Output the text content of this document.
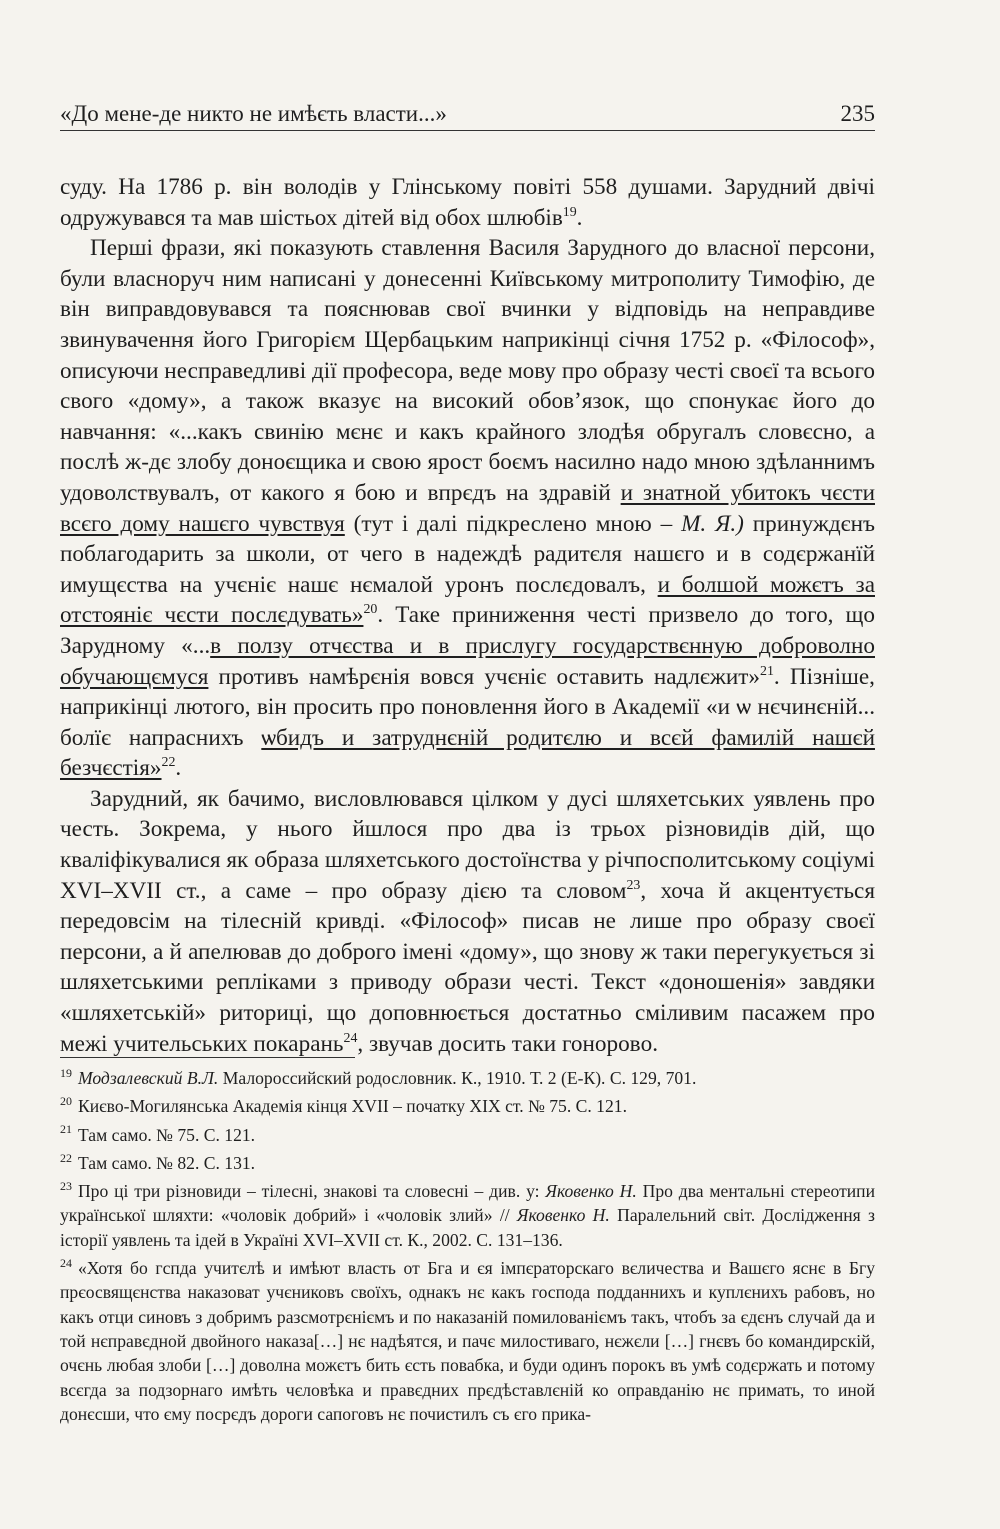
«До мене-де никто не имѣєть власти...»	235

суду. На 1786 р. він володів у Глінському повіті 558 душами. Зарудний двічі одружувався та мав шістьох дітей від обох шлюбів$^{19}$.

Перші фрази, які показують ставлення Василя Зарудного до власної персони, були власноруч ним написані у донесенні Київському митрополиту Тимофію, де він виправдовувався та пояснював свої вчинки у відповідь на неправдиве звинувачення його Григорієм Щербацьким наприкінці січня 1752 р. «Філософ», описуючи несправедливі дії професора, веде мову про образу честі своєї та всього свого «дому», а також вказує на високий обов’язок, що спонукає його до навчання: «...какъ свинію мєнє и какъ крайного злодѣя обругалъ словєсно, а послѣ ж-дє злобу доноєщика и свою ярост боємъ насилно надо мною здѣланнимъ удоволствувалъ, от какого я бою и впрєдъ на здравій и знатной убитокъ чєсти всєго дому нашєго чувствуя (тут і далі підкреслено мною – М. Я.) принуждєнъ поблагодарить за школи, от чего в надеждѣ радитєля нашєго и в содєржанїй имущєства на учєніє нашє нємалой уронъ послєдовалъ, и болшой можєтъ за отстояніє чєсти послєдувать»$^{20}$. Таке приниження честі призвело до того, що Зарудному «...в ползу отчєства и в прислугу государствєнную доброволно обучающємуся противъ намѣрєнія вовся учєніє оставить надлєжит»$^{21}$. Пізніше, наприкінці лютого, він просить про поновлення його в Академії «и ѡ нєчинєній... болїє напраснихъ ѡбидъ и затруднєній родитєлю и всєй фамилій нашєй безчєстія»$^{22}$.

Зарудний, як бачимо, висловлювався цілком у дусі шляхетських уявлень про честь. Зокрема, у нього йшлося про два із трьох різновидів дій, що кваліфікувалися як образа шляхетського достоїнства у річпосполитському соціумі XVI–XVII ст., а саме – про образу дією та словом$^{23}$, хоча й акцентується передовсім на тілесній кривді. «Філософ» писав не лише про образу своєї персони, а й апелював до доброго імені «дому», що знову ж таки перегукується зі шляхетськими репліками з приводу образи честі. Текст «доношенія» завдяки «шляхетській» риториці, що доповнюється достатньо сміливим пасажем про межі учительських покарань$^{24}$, звучав досить таки гоноровo.

$^{19}$ Модзалевский В.Л. Малороссийский родословник. К., 1910. Т. 2 (Е-К). С. 129, 701.

$^{20}$ Києво-Могилянська Академія кінця XVII – початку XIX ст. № 75. С. 121.

$^{21}$ Там само. № 75. С. 121.

$^{22}$ Там само. № 82. С. 131.

$^{23}$ Про ці три різновиди – тілесні, знакові та словесні – див. у: Яковенко Н. Про два ментальні стереотипи української шляхти: «чоловік добрий» і «чоловік злий» // Яковенко Н. Паралельний світ. Дослідження з історії уявлень та ідей в Україні XVI–XVII ст. К., 2002. С. 131–136.

$^{24}$ «Хотя бо гспда учитєлѣ и имѣют власть от Бга и єя імпєраторскаго вєличества и Вашєго яснє в Бгу прєосвящєнства наказоват учєниковъ своїхъ, однакъ нє какъ господа подданнихъ и куплєнихъ рабовъ, но какъ отци синовъ з добримъ разсмотрєніємъ и по наказаній помилованіємъ такъ, чтобъ за єдєнъ случай да и той нєправєдной двойного наказа[…] нє надѣятся, и пачє милостиваго, нєжєли […] гнєвъ бо командирскій, очєнь любая злоби […] доволна можєтъ бить єсть повабка, и буди одинъ порокъ въ умѣ содєржать и потому всєгда за подзорнаго имѣть чєловѣка и правєдних прєдѣставлєній ко оправданію нє примать, то иной донєсши, что єму посрєдъ дороги сапоговъ нє почистилъ съ єго прика-
